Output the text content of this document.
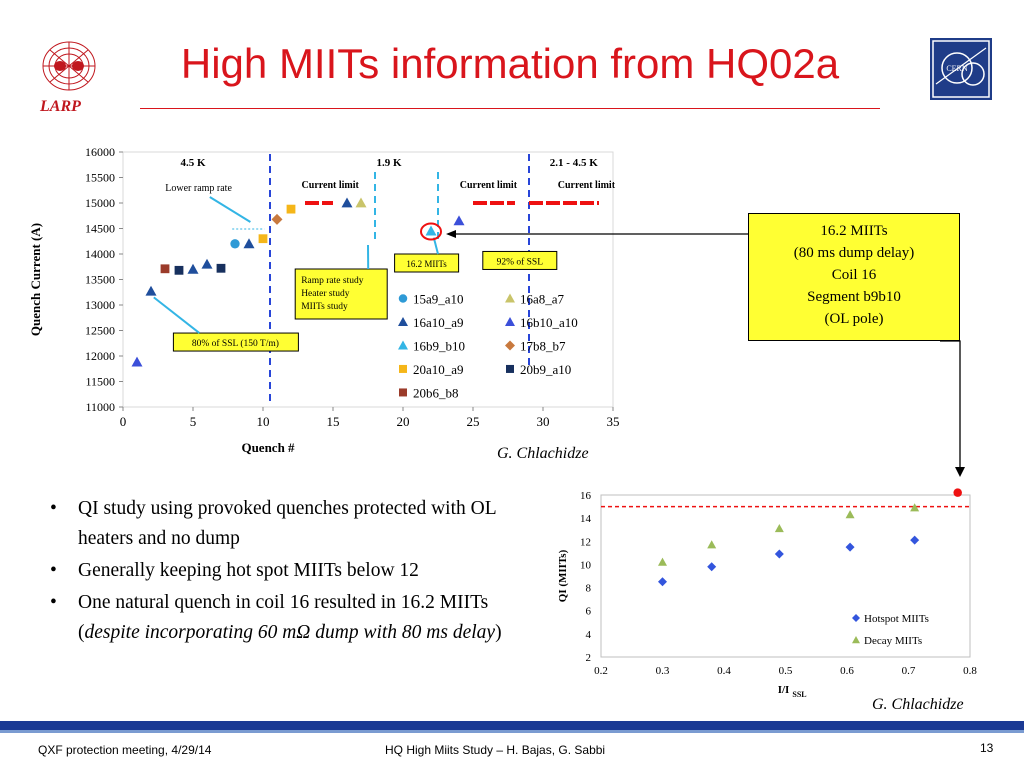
LARP
High MIITs information from HQ02a	CERN
11000
11500
12000
12500
13000
13500
14000
14500
15000
15500
16000
0	5	10	15	20	25	30	35
Quench #
Quench Current (A)
4.5 K	1.9 K	2.1 - 4.5 K
Current limit	Current limit	Current limit
Lower ramp rate
Ramp rate study
Heater study
MIITs study
80% of SSL (150 T/m)
92% of SSL
16.2 MIITs
15a9_a10	16a8_a7
16a10_a9	16b10_a10
16b9_b10	17b8_b7
20a10_a9	20b9_a10
20b6_b8
16.2 MIITs
(80 ms dump delay)
Coil 16
Segment b9b10
(OL pole)
G. Chlachidze
• QI study using provoked quenches protected with OL heaters and no dump
• Generally keeping hot spot MIITs below 12
• One natural quench in coil 16 resulted in 16.2 MIITs (despite incorporating 60 mΩ dump with 80 ms delay)
2
4
6
8
10
12
14
16
0.2	0.3	0.4	0.5	0.6	0.7	0.8
I/I SSL
QI (MIITs)
Hotspot MIITs
Decay MIITs
G. Chlachidze
QXF protection meeting, 4/29/14	HQ High Miits Study – H. Bajas, G. Sabbi	13
